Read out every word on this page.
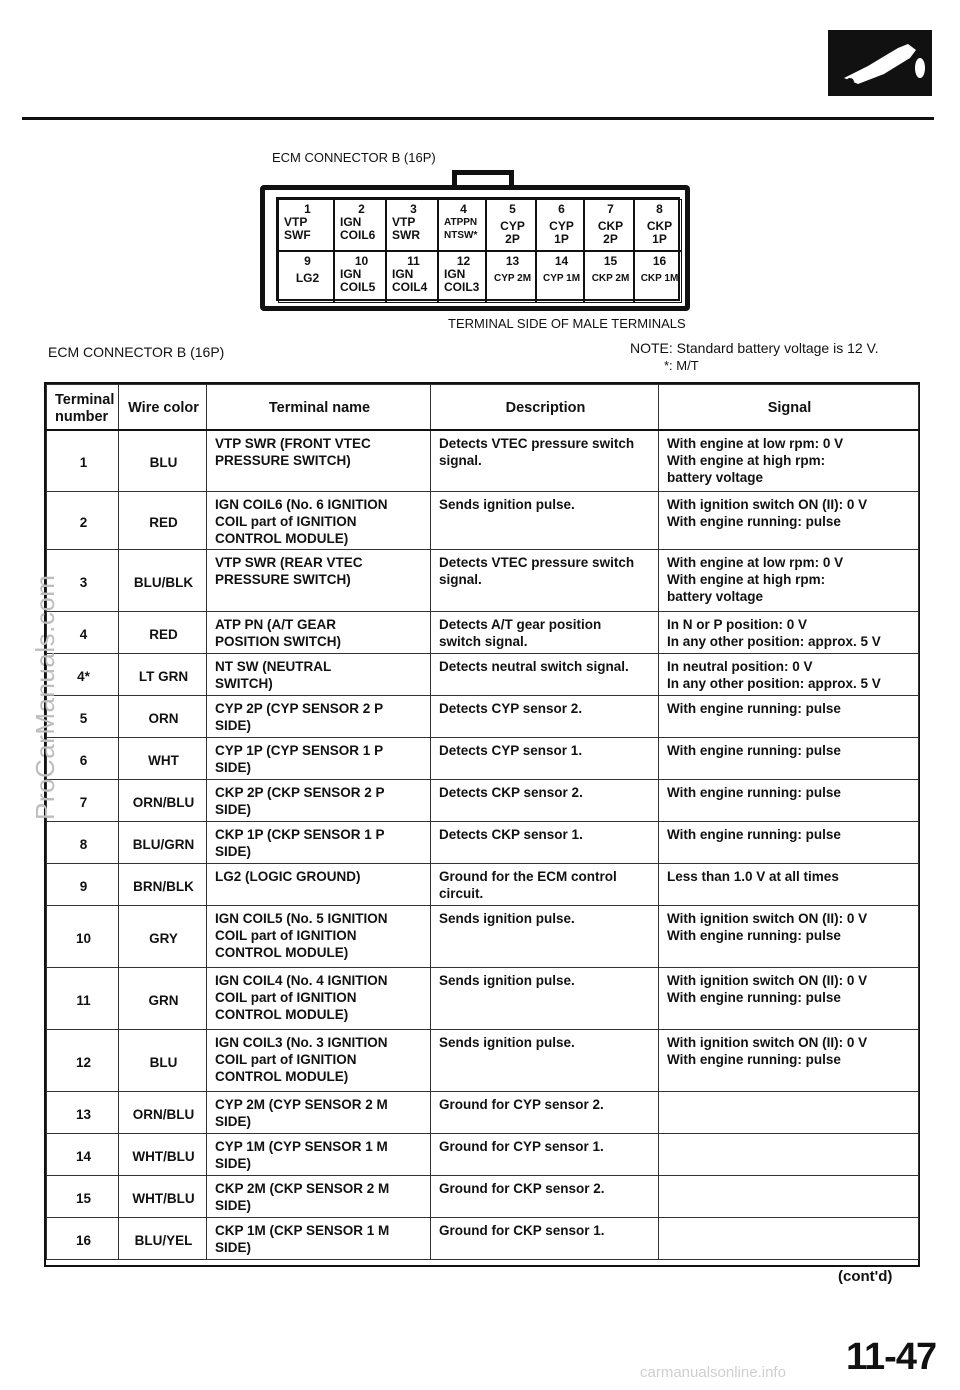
ECM CONNECTOR B (16P)
1
VTP
SWF
2
IGN
COIL6
3
VTP
SWR
4
ATPPN
NTSW*
5
CYP 2P
6
CYP 1P
7
CKP 2P
8
CKP 1P
9
LG2
10
IGN
COIL5
11
IGN
COIL4
12
IGN
COIL3
13
CYP 2M
14
CYP 1M
15
CKP 2M
16
CKP 1M
TERMINAL SIDE OF MALE TERMINALS
ECM CONNECTOR B (16P)	NOTE: Standard battery voltage is 12 V.
*: M/T
Terminal number	Wire color	Terminal name	Description	Signal
1	BLU	VTP SWR (FRONT VTEC
PRESSURE SWITCH)	Detects VTEC pressure switch
signal.	With engine at low rpm: 0 V
With engine at high rpm:
battery voltage
2	RED	IGN COIL6 (No. 6 IGNITION
COIL part of IGNITION
CONTROL MODULE)	Sends ignition pulse.	With ignition switch ON (II): 0 V
With engine running: pulse
3	BLU/BLK	VTP SWR (REAR VTEC
PRESSURE SWITCH)	Detects VTEC pressure switch
signal.	With engine at low rpm: 0 V
With engine at high rpm:
battery voltage
4	RED	ATP PN (A/T GEAR
POSITION SWITCH)	Detects A/T gear position
switch signal.	In N or P position: 0 V
In any other position: approx. 5 V
4*	LT GRN	NT SW (NEUTRAL
SWITCH)	Detects neutral switch signal.	In neutral position: 0 V
In any other position: approx. 5 V
5	ORN	CYP 2P (CYP SENSOR 2 P
SIDE)	Detects CYP sensor 2.	With engine running: pulse
6	WHT	CYP 1P (CYP SENSOR 1 P
SIDE)	Detects CYP sensor 1.	With engine running: pulse
7	ORN/BLU	CKP 2P (CKP SENSOR 2 P
SIDE)	Detects CKP sensor 2.	With engine running: pulse
8	BLU/GRN	CKP 1P (CKP SENSOR 1 P
SIDE)	Detects CKP sensor 1.	With engine running: pulse
9	BRN/BLK	LG2 (LOGIC GROUND)	Ground for the ECM control
circuit.	Less than 1.0 V at all times
10	GRY	IGN COIL5 (No. 5 IGNITION
COIL part of IGNITION
CONTROL MODULE)	Sends ignition pulse.	With ignition switch ON (II): 0 V
With engine running: pulse
11	GRN	IGN COIL4 (No. 4 IGNITION
COIL part of IGNITION
CONTROL MODULE)	Sends ignition pulse.	With ignition switch ON (II): 0 V
With engine running: pulse
12	BLU	IGN COIL3 (No. 3 IGNITION
COIL part of IGNITION
CONTROL MODULE)	Sends ignition pulse.	With ignition switch ON (II): 0 V
With engine running: pulse
13	ORN/BLU	CYP 2M (CYP SENSOR 2 M
SIDE)	Ground for CYP sensor 2.	
14	WHT/BLU	CYP 1M (CYP SENSOR 1 M
SIDE)	Ground for CYP sensor 1.	
15	WHT/BLU	CKP 2M (CKP SENSOR 2 M
SIDE)	Ground for CKP sensor 2.	
16	BLU/YEL	CKP 1M (CKP SENSOR 1 M
SIDE)	Ground for CKP sensor 1.	
(cont'd)
11-47
ProCarManuals.com
carmanualsonline.info
